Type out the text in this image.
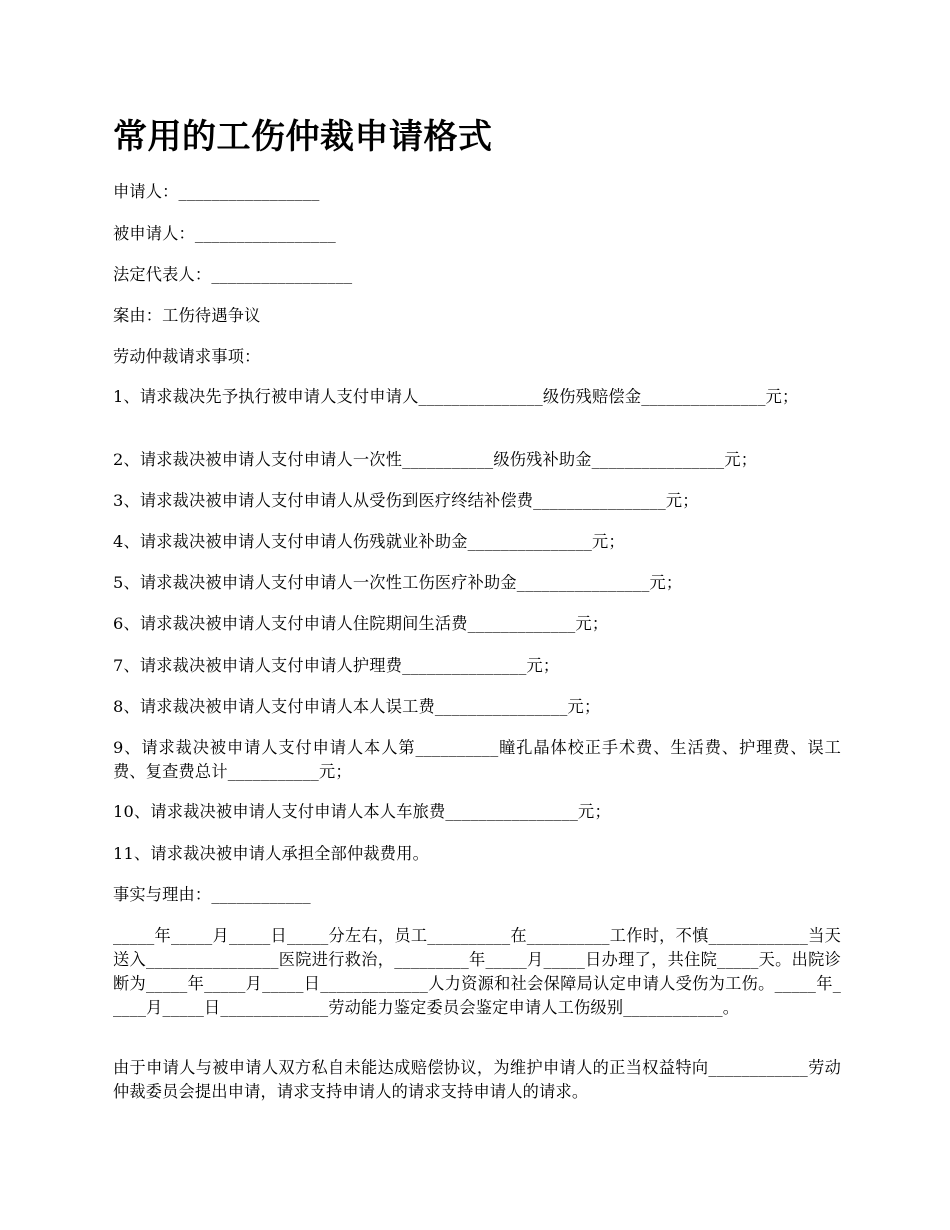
常用的工伤仲裁申请格式

申请人：_________________

被申请人：_________________

法定代表人：_________________

案由：工伤待遇争议

劳动仲裁请求事项：

1、请求裁决先予执行被申请人支付申请人_______________级伤残赔偿金_______________元；

2、请求裁决被申请人支付申请人一次性___________级伤残补助金________________元；

3、请求裁决被申请人支付申请人从受伤到医疗终结补偿费________________元；

4、请求裁决被申请人支付申请人伤残就业补助金_______________元；

5、请求裁决被申请人支付申请人一次性工伤医疗补助金________________元；

6、请求裁决被申请人支付申请人住院期间生活费_____________元；

7、请求裁决被申请人支付申请人护理费_______________元；

8、请求裁决被申请人支付申请人本人误工费________________元；

9、请求裁决被申请人支付申请人本人第__________瞳孔晶体校正手术费、生活费、护理费、误工费、复查费总计___________元；

10、请求裁决被申请人支付申请人本人车旅费________________元；

11、请求裁决被申请人承担全部仲裁费用。

事实与理由：____________

_____年_____月_____日_____分左右，员工__________在__________工作时，不慎____________当天送入________________医院进行救治，_________年_____月_____日办理了，共住院_____天。出院诊断为_____年_____月_____日_____________人力资源和社会保障局认定申请人受伤为工伤。_____年_____月_____日_____________劳动能力鉴定委员会鉴定申请人工伤级别____________。

由于申请人与被申请人双方私自未能达成赔偿协议，为维护申请人的正当权益特向____________劳动仲裁委员会提出申请，请求支持申请人的请求支持申请人的请求。
